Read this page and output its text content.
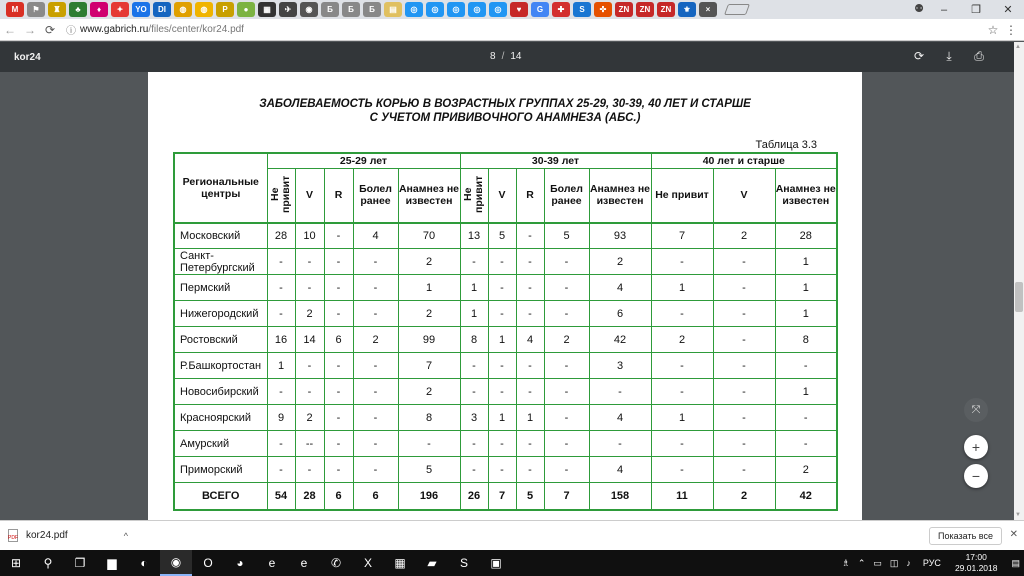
M	⚑	♜	♣	♦	✦	YO	DI	◍	◍	P	●	▦	✈	◉	Б	Б	Б	▤	◎	◎	◎	◎	◎	♥	G	✚	S	✜	ZN	ZN	ZN	⚜	×	⚉	–	❐	✕
← → ⟳	ⓘ www.gabrich.ru /files/center/kor24.pdf	☆ ⋮
kor24	8 / 14	⟳	⤓	⎙
ЗАБОЛЕВАЕМОСТЬ КОРЬЮ В ВОЗРАСТНЫХ ГРУППАХ 25-29, 30-39, 40 ЛЕТ И СТАРШЕ
С УЧЕТОМ ПРИВИВОЧНОГО АНАМНЕЗА (АБС.)
Таблица 3.3
Региональные центры	25-29 лет					30-39 лет					40 лет и старше		
	Не привит	V	R	Болел ранее	Анамнез не известен	Не привит	V	R	Болел ранее	Анамнез не известен	Не привит	V	Анамнез не известен
Московский	28	10	-	4	70	13	5	-	5	93	7	2	28
Санкт-Петербургский	-	-	-	-	2	-	-	-	-	2	-	-	1
Пермский	-	-	-	-	1	1	-	-	-	4	1	-	1
Нижегородский	-	2	-	-	2	1	-	-	-	6	-	-	1
Ростовский	16	14	6	2	99	8	1	4	2	42	2	-	8
Р.Башкортостан	1	-	-	-	7	-	-	-	-	3	-	-	-
Новосибирский	-	-	-	-	2	-	-	-	-	-	-	-	1
Красноярский	9	2	-	-	8	3	1	1	-	4	1	-	-
Амурский	-	--	-	-	-	-	-	-	-	-	-	-	-
Приморский	-	-	-	-	5	-	-	-	-	4	-	-	2
ВСЕГО	54	28	6	6	196	26	7	5	7	158	11	2	42
▲
▼
⤧
+
−
PDF kor24.pdf	^	Показать все	✕
⊞	⚲	❐	▆	◐	◉	O	◕	e	e	✆	X	▦	▰	S	▣	♗ ⌃ ▭ ◫ ♪ РУС
17:00
29.01.2018
▤
